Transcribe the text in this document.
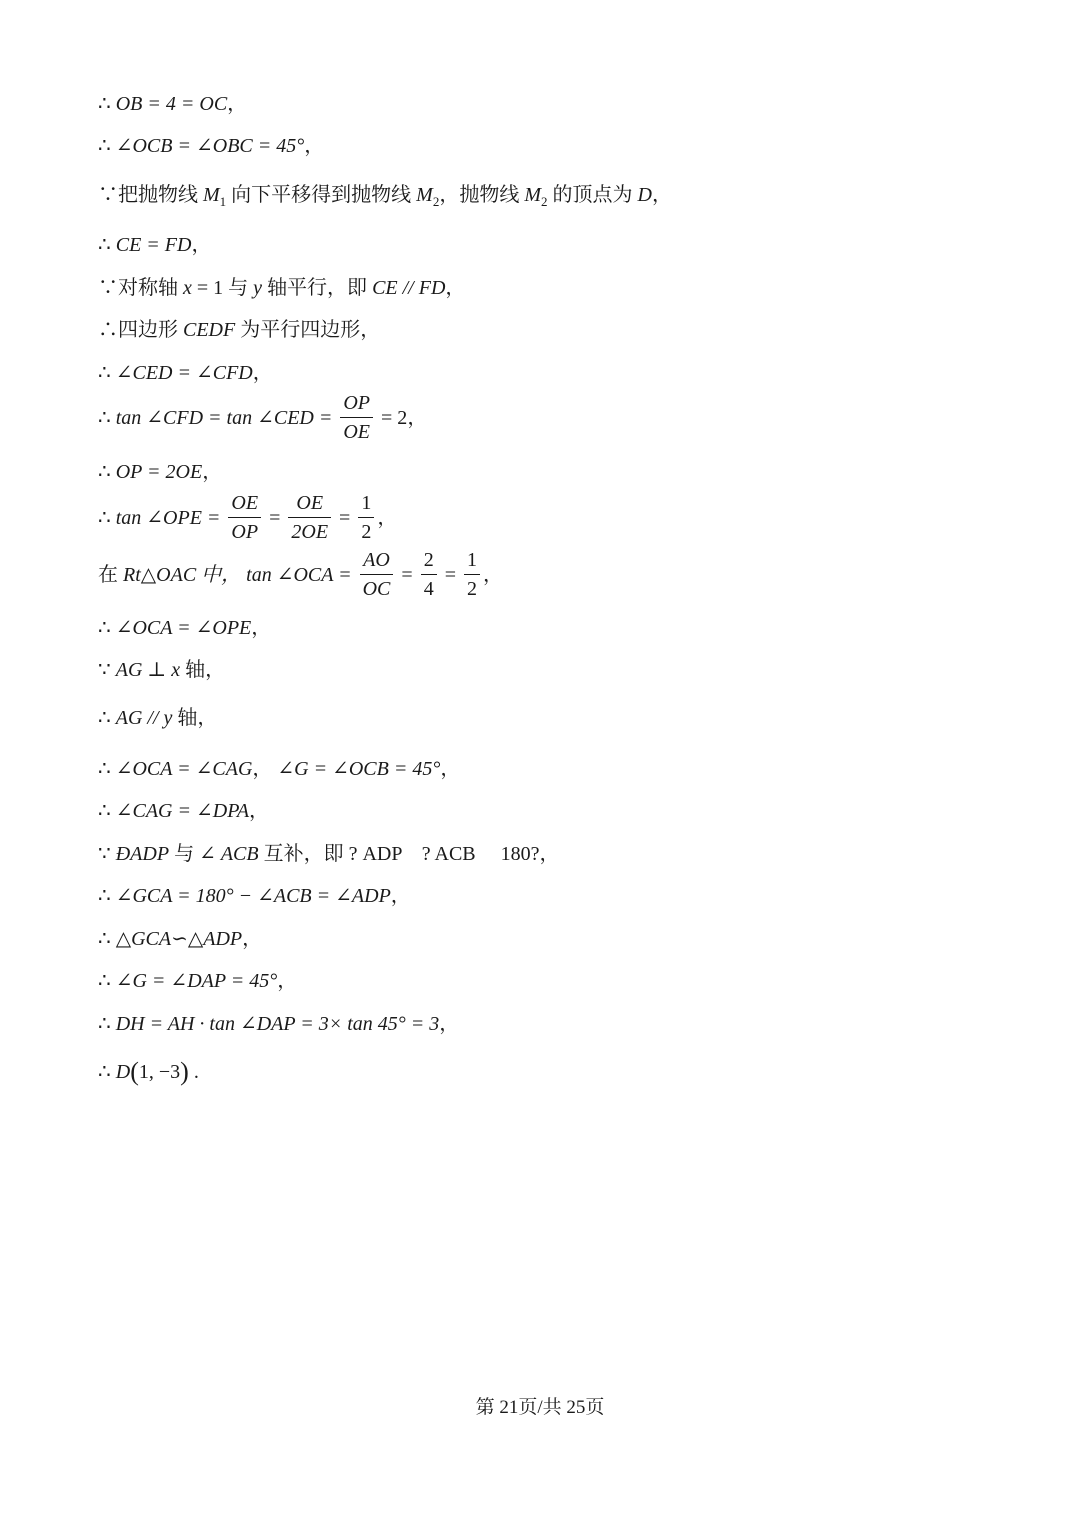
∴ OB = 4 = OC，
∴ ∠OCB = ∠OBC = 45°，
∵把抛物线 $M_1$ 向下平移得到抛物线 $M_2$，抛物线 $M_2$ 的顶点为 D，
∴ CE = FD，
∵对称轴 x = 1 与 y 轴平行，即 CE // FD，
∴四边形 CEDF 为平行四边形，
∴ ∠CED = ∠CFD，
∴ tan ∠CFD = tan ∠CED = $\frac{OP}{OE} = 2$，
∴ OP = 2OE，
∴ tan ∠OPE = $\frac{OE}{OP} = \frac{OE}{2OE} = \frac{1}{2}$ ，
在 Rt△OAC 中， tan ∠OCA = $\frac{AO}{OC} = \frac{2}{4} = \frac{1}{2}$ ，
∴ ∠OCA = ∠OPE，
∵ AG ⊥ x 轴，
∴ AG // y 轴，
∴ ∠OCA = ∠CAG， ∠G = ∠OCB = 45°，
∴ ∠CAG = ∠DPA，
∵ ĐADP 与 ∠ ACB 互补，即 ? ADP　? ACB　 180?，
∴ ∠GCA = 180° − ∠ACB = ∠ADP，
∴ △GCA∽△ADP，
∴ ∠G = ∠DAP = 45°，
∴ DH = AH · tan ∠DAP = 3× tan 45° = 3，
∴ D(1, −3) .
第 21页/共 25页
